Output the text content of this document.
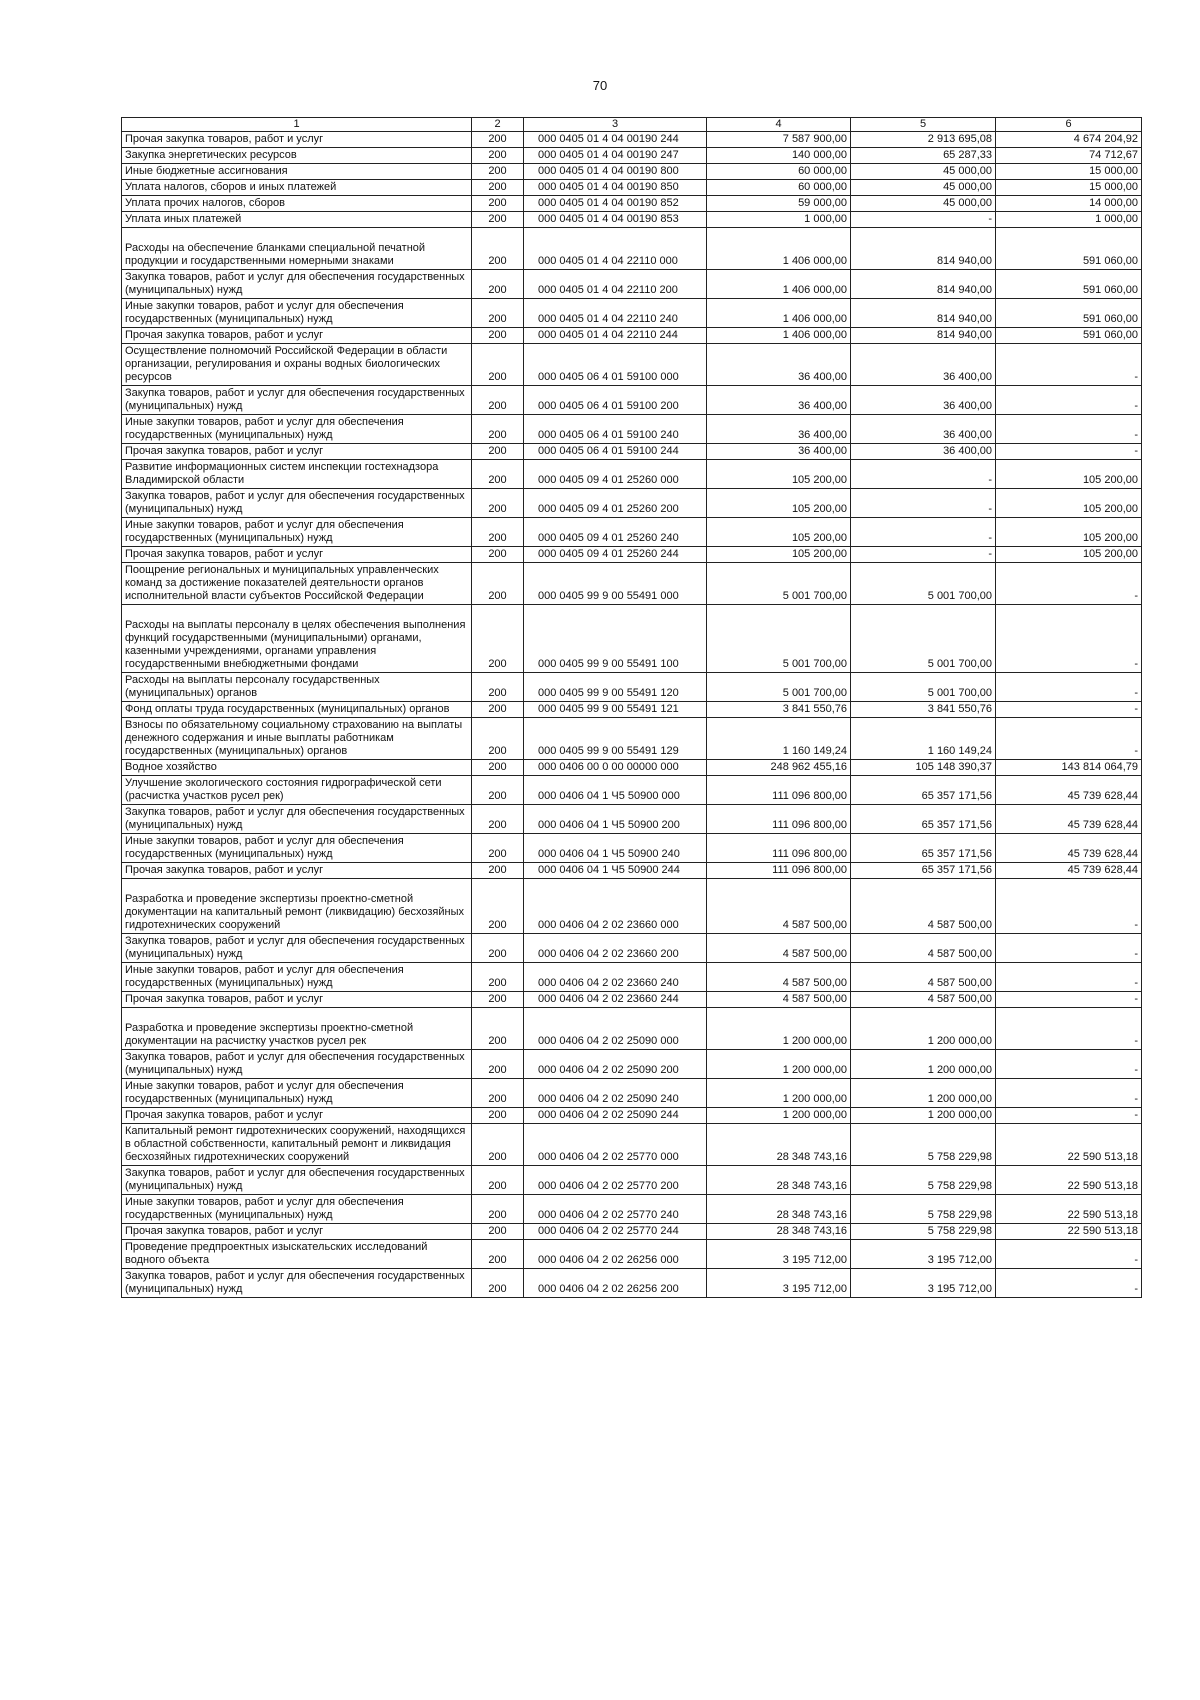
70
1	2	3	4	5	6
Прочая закупка товаров, работ и услуг	200	000 0405 01 4 04 00190 244	7 587 900,00	2 913 695,08	4 674 204,92
Закупка энергетических ресурсов	200	000 0405 01 4 04 00190 247	140 000,00	65 287,33	74 712,67
Иные бюджетные ассигнования	200	000 0405 01 4 04 00190 800	60 000,00	45 000,00	15 000,00
Уплата налогов, сборов и иных платежей	200	000 0405 01 4 04 00190 850	60 000,00	45 000,00	15 000,00
Уплата прочих налогов, сборов	200	000 0405 01 4 04 00190 852	59 000,00	45 000,00	14 000,00
Уплата иных платежей	200	000 0405 01 4 04 00190 853	1 000,00	-	1 000,00

Расходы на обеспечение бланками специальной печатной продукции и государственными номерными знаками	200	000 0405 01 4 04 22110 000	1 406 000,00	814 940,00	591 060,00
Закупка товаров, работ и услуг для обеспечения государственных (муниципальных) нужд	200	000 0405 01 4 04 22110 200	1 406 000,00	814 940,00	591 060,00
Иные закупки товаров, работ и услуг для обеспечения государственных (муниципальных) нужд	200	000 0405 01 4 04 22110 240	1 406 000,00	814 940,00	591 060,00
Прочая закупка товаров, работ и услуг	200	000 0405 01 4 04 22110 244	1 406 000,00	814 940,00	591 060,00
Осуществление полномочий Российской Федерации в области организации, регулирования и охраны водных биологических ресурсов	200	000 0405 06 4 01 59100 000	36 400,00	36 400,00	-
Закупка товаров, работ и услуг для обеспечения государственных (муниципальных) нужд	200	000 0405 06 4 01 59100 200	36 400,00	36 400,00	-
Иные закупки товаров, работ и услуг для обеспечения государственных (муниципальных) нужд	200	000 0405 06 4 01 59100 240	36 400,00	36 400,00	-
Прочая закупка товаров, работ и услуг	200	000 0405 06 4 01 59100 244	36 400,00	36 400,00	-
Развитие информационных систем инспекции гостехнадзора Владимирской области	200	000 0405 09 4 01 25260 000	105 200,00	-	105 200,00
Закупка товаров, работ и услуг для обеспечения государственных (муниципальных) нужд	200	000 0405 09 4 01 25260 200	105 200,00	-	105 200,00
Иные закупки товаров, работ и услуг для обеспечения государственных (муниципальных) нужд	200	000 0405 09 4 01 25260 240	105 200,00	-	105 200,00
Прочая закупка товаров, работ и услуг	200	000 0405 09 4 01 25260 244	105 200,00	-	105 200,00
Поощрение региональных и муниципальных управленческих команд за достижение показателей деятельности органов исполнительной власти субъектов Российской Федерации	200	000 0405 99 9 00 55491 000	5 001 700,00	5 001 700,00	-

Расходы на выплаты персоналу в целях обеспечения выполнения функций государственными (муниципальными) органами, казенными учреждениями, органами управления государственными внебюджетными фондами	200	000 0405 99 9 00 55491 100	5 001 700,00	5 001 700,00	-
Расходы на выплаты персоналу государственных (муниципальных) органов	200	000 0405 99 9 00 55491 120	5 001 700,00	5 001 700,00	-
Фонд оплаты труда государственных (муниципальных) органов	200	000 0405 99 9 00 55491 121	3 841 550,76	3 841 550,76	-
Взносы по обязательному социальному страхованию на выплаты денежного содержания и иные выплаты работникам государственных (муниципальных) органов	200	000 0405 99 9 00 55491 129	1 160 149,24	1 160 149,24	-
Водное хозяйство	200	000 0406 00 0 00 00000 000	248 962 455,16	105 148 390,37	143 814 064,79
Улучшение экологического состояния гидрографической сети (расчистка участков русел рек)	200	000 0406 04 1 Ч5 50900 000	111 096 800,00	65 357 171,56	45 739 628,44
Закупка товаров, работ и услуг для обеспечения государственных (муниципальных) нужд	200	000 0406 04 1 Ч5 50900 200	111 096 800,00	65 357 171,56	45 739 628,44
Иные закупки товаров, работ и услуг для обеспечения государственных (муниципальных) нужд	200	000 0406 04 1 Ч5 50900 240	111 096 800,00	65 357 171,56	45 739 628,44
Прочая закупка товаров, работ и услуг	200	000 0406 04 1 Ч5 50900 244	111 096 800,00	65 357 171,56	45 739 628,44

Разработка и проведение экспертизы проектно-сметной документации на капитальный ремонт (ликвидацию) бесхозяйных гидротехнических сооружений	200	000 0406 04 2 02 23660 000	4 587 500,00	4 587 500,00	-
Закупка товаров, работ и услуг для обеспечения государственных (муниципальных) нужд	200	000 0406 04 2 02 23660 200	4 587 500,00	4 587 500,00	-
Иные закупки товаров, работ и услуг для обеспечения государственных (муниципальных) нужд	200	000 0406 04 2 02 23660 240	4 587 500,00	4 587 500,00	-
Прочая закупка товаров, работ и услуг	200	000 0406 04 2 02 23660 244	4 587 500,00	4 587 500,00	-

Разработка и проведение экспертизы проектно-сметной документации на расчистку участков русел рек	200	000 0406 04 2 02 25090 000	1 200 000,00	1 200 000,00	-
Закупка товаров, работ и услуг для обеспечения государственных (муниципальных) нужд	200	000 0406 04 2 02 25090 200	1 200 000,00	1 200 000,00	-
Иные закупки товаров, работ и услуг для обеспечения государственных (муниципальных) нужд	200	000 0406 04 2 02 25090 240	1 200 000,00	1 200 000,00	-
Прочая закупка товаров, работ и услуг	200	000 0406 04 2 02 25090 244	1 200 000,00	1 200 000,00	-
Капитальный ремонт гидротехнических сооружений, находящихся в областной собственности, капитальный ремонт и ликвидация бесхозяйных гидротехнических сооружений	200	000 0406 04 2 02 25770 000	28 348 743,16	5 758 229,98	22 590 513,18
Закупка товаров, работ и услуг для обеспечения государственных (муниципальных) нужд	200	000 0406 04 2 02 25770 200	28 348 743,16	5 758 229,98	22 590 513,18
Иные закупки товаров, работ и услуг для обеспечения государственных (муниципальных) нужд	200	000 0406 04 2 02 25770 240	28 348 743,16	5 758 229,98	22 590 513,18
Прочая закупка товаров, работ и услуг	200	000 0406 04 2 02 25770 244	28 348 743,16	5 758 229,98	22 590 513,18
Проведение предпроектных изыскательских исследований водного объекта	200	000 0406 04 2 02 26256 000	3 195 712,00	3 195 712,00	-
Закупка товаров, работ и услуг для обеспечения государственных (муниципальных) нужд	200	000 0406 04 2 02 26256 200	3 195 712,00	3 195 712,00	-
